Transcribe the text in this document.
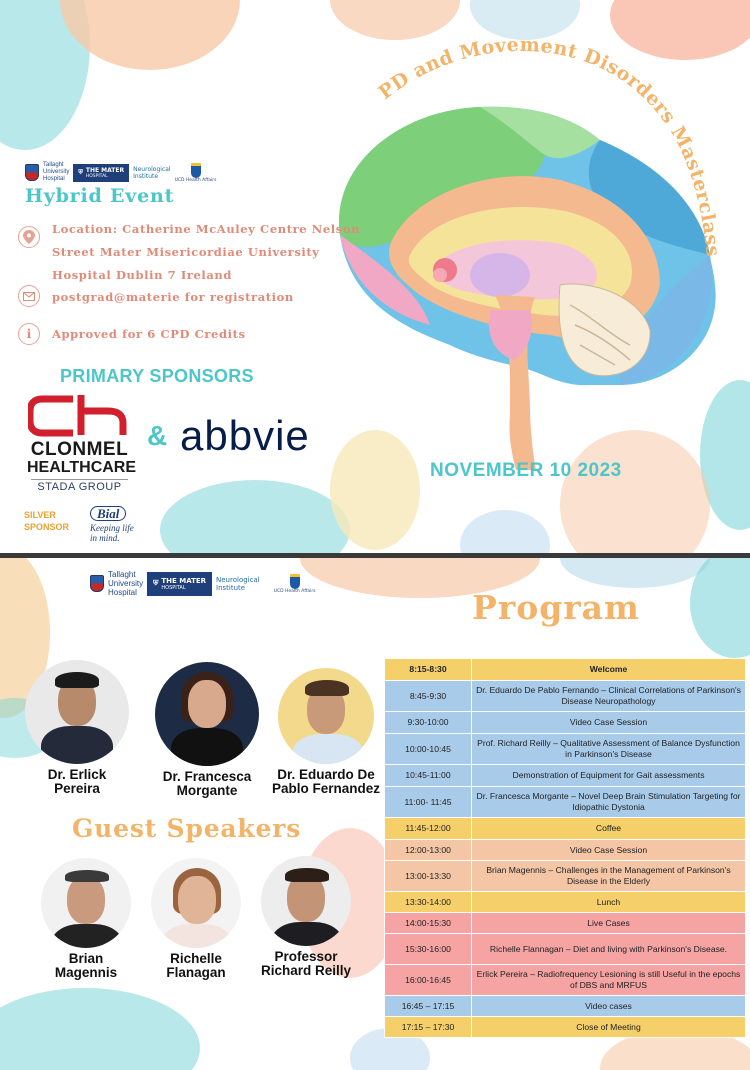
PD and Movement Disorders Masterclass
Tallaght
University
Hospital
⛨ THE MATER
HOSPITAL
Neurological
Institute
UCD Health Affairs
Hybrid Event
Location: Catherine McAuley Centre Nelson
Street Mater Misericordiae University
Hospital Dublin 7 Ireland
postgrad@materie for registration
i	Approved for 6 CPD Credits
PRIMARY SPONSORS
CLONMEL
HEALTHCARE
STADA GROUP
& abbvie
SILVER
SPONSOR
Bial
Keeping life
in mind.
NOVEMBER 10 2023
Tallaght
University
Hospital
⛨ THE MATER
HOSPITAL
Neurological
Institute	UCD Health Affairs	Program
Dr. Erlick
Pereira
Dr. Francesca
Morgante
Dr. Eduardo De
Pablo Fernandez
Guest Speakers
Brian
Magennis
Richelle
Flanagan
Professor
Richard Reilly
8:15-8:30	Welcome
8:45-9:30	Dr. Eduardo De Pablo Fernando – Clinical Correlations of Parkinson's Disease Neuropathology
9:30-10:00	Video Case Session
10:00-10:45	Prof. Richard Reilly – Qualitative Assessment of Balance Dysfunction in Parkinson's Disease
10:45-11:00	Demonstration of Equipment for Gait assessments
11:00- 11:45	Dr. Francesca Morgante – Novel Deep Brain Stimulation Targeting for Idiopathic Dystonia
11:45-12:00	Coffee
12:00-13:00	Video Case Session
13:00-13:30	Brian Magennis – Challenges in the Management of Parkinson's Disease in the Elderly
13:30-14:00	Lunch
14:00-15:30	Live Cases
15:30-16:00	Richelle Flannagan – Diet and living with Parkinson's Disease.
16:00-16:45	Erlick Pereira – Radiofrequency Lesioning is still Useful in the epochs of DBS and MRFUS
16:45 – 17:15	Video cases
17:15 – 17:30	Close of Meeting
